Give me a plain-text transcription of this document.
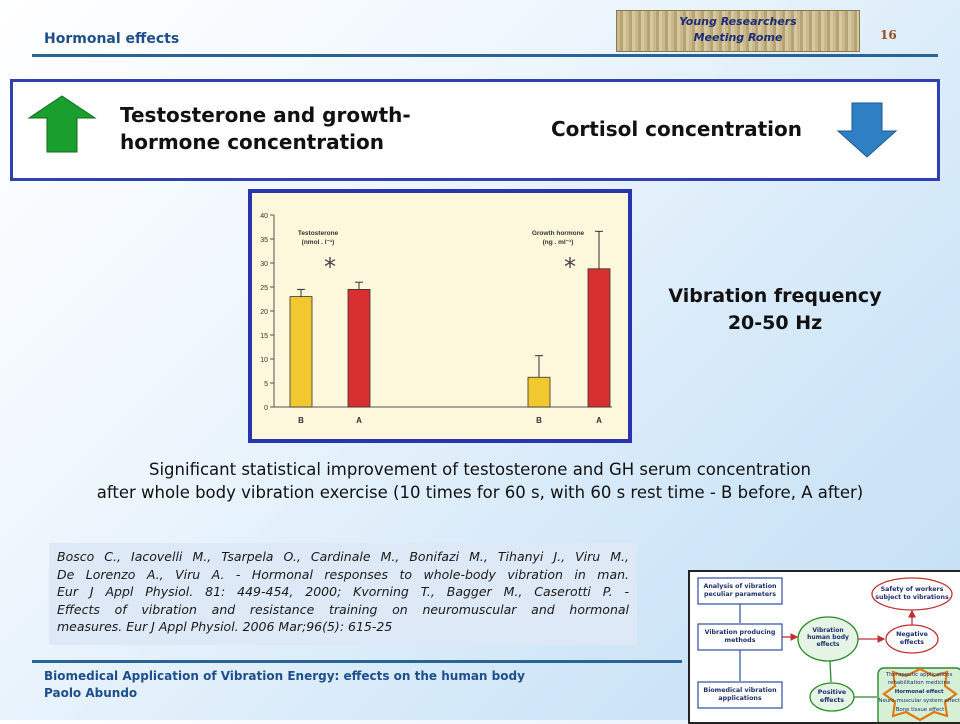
Hormonal effects
Young Researchers
Meeting Rome	16
Testosterone and growth-
hormone concentration
Cortisol concentration
0
5
10
15
20
25
30
35
40
Testosterone
(nmol . l⁻¹)
*
B	A
Growth hormone
(ng . ml⁻¹)
*
B	A
Vibration frequency
20-50 Hz
Significant statistical improvement of testosterone and GH serum concentration
after whole body vibration exercise (10 times for 60 s, with 60 s rest time - B before, A after)
Bosco C., Iacovelli M., Tsarpela O., Cardinale M., Bonifazi M., Tihanyi J., Viru M.,
De Lorenzo A., Viru A. - Hormonal responses to whole-body vibration in man.
Eur J Appl Physiol. 81: 449-454, 2000; Kvorning T., Bagger M., Caserotti P. -
Effects of vibration and resistance training on neuromuscular and hormonal
measures. Eur J Appl Physiol. 2006 Mar;96(5): 615-25
Biomedical Application of Vibration Energy: effects on the human body
Paolo Abundo
Analysis of vibration peculiar parameters
Vibration producing methods
Biomedical vibration applications
Vibration human body effects
Positive effects
Safety of workers subject to vibrations
Negative effects
Therapeutic applications rehabilitation medicine Hormonal effect Neuro-muscular system effect Bone tissue effect
